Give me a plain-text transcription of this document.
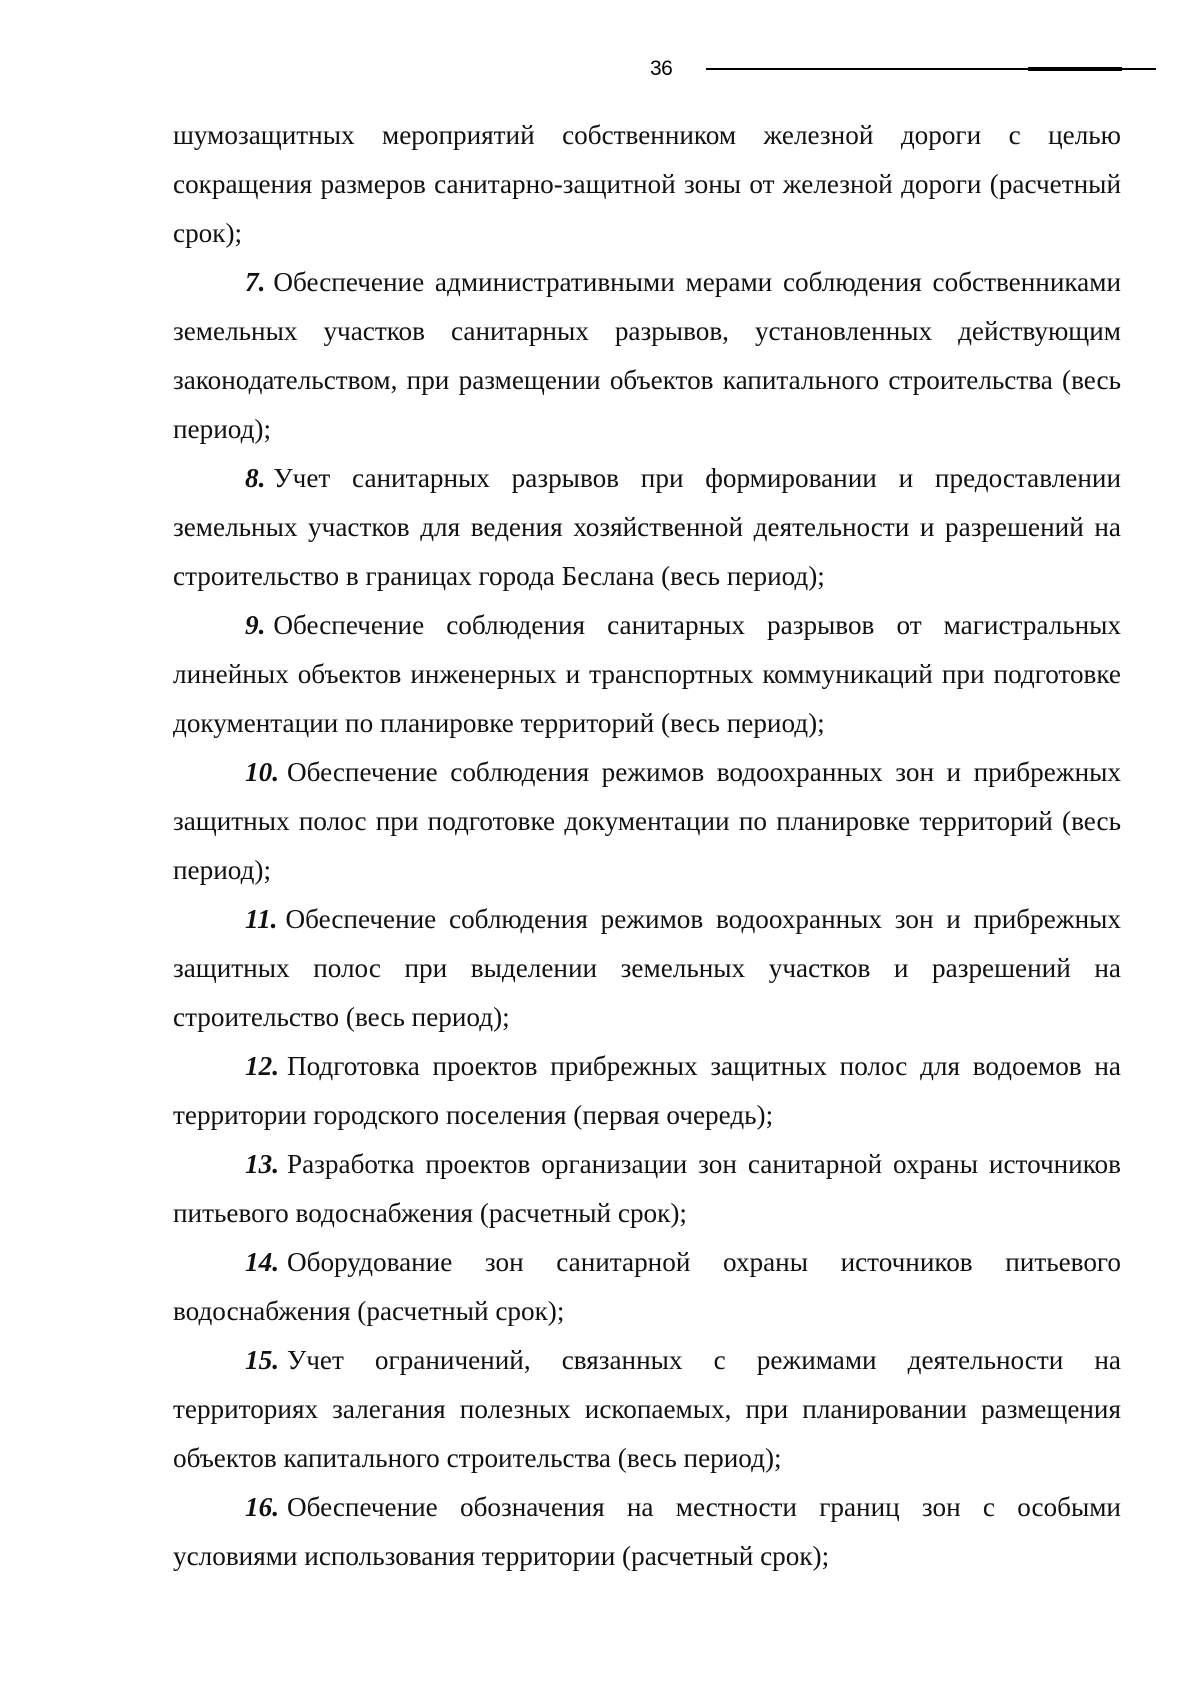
36

шумозащитных мероприятий собственником железной дороги с целью сокращения размеров санитарно-защитной зоны от железной дороги (расчетный срок);

7. Обеспечение административными мерами соблюдения собственниками земельных участков санитарных разрывов, установленных действующим законодательством, при размещении объектов капитального строительства (весь период);

8. Учет санитарных разрывов при формировании и предоставлении земельных участков для ведения хозяйственной деятельности и разрешений на строительство в границах города Беслана (весь период);

9. Обеспечение соблюдения санитарных разрывов от магистральных линейных объектов инженерных и транспортных коммуникаций при подготовке документации по планировке территорий (весь период);

10. Обеспечение соблюдения режимов водоохранных зон и прибрежных защитных полос при подготовке документации по планировке территорий (весь период);

11. Обеспечение соблюдения режимов водоохранных зон и прибрежных защитных полос при выделении земельных участков и разрешений на строительство (весь период);

12. Подготовка проектов прибрежных защитных полос для водоемов на территории городского поселения (первая очередь);

13. Разработка проектов организации зон санитарной охраны источников питьевого водоснабжения (расчетный срок);

14. Оборудование зон санитарной охраны источников питьевого водоснабжения (расчетный срок);

15. Учет ограничений, связанных с режимами деятельности на территориях залегания полезных ископаемых, при планировании размещения объектов капитального строительства (весь период);

16. Обеспечение обозначения на местности границ зон с особыми условиями использования территории (расчетный срок);
